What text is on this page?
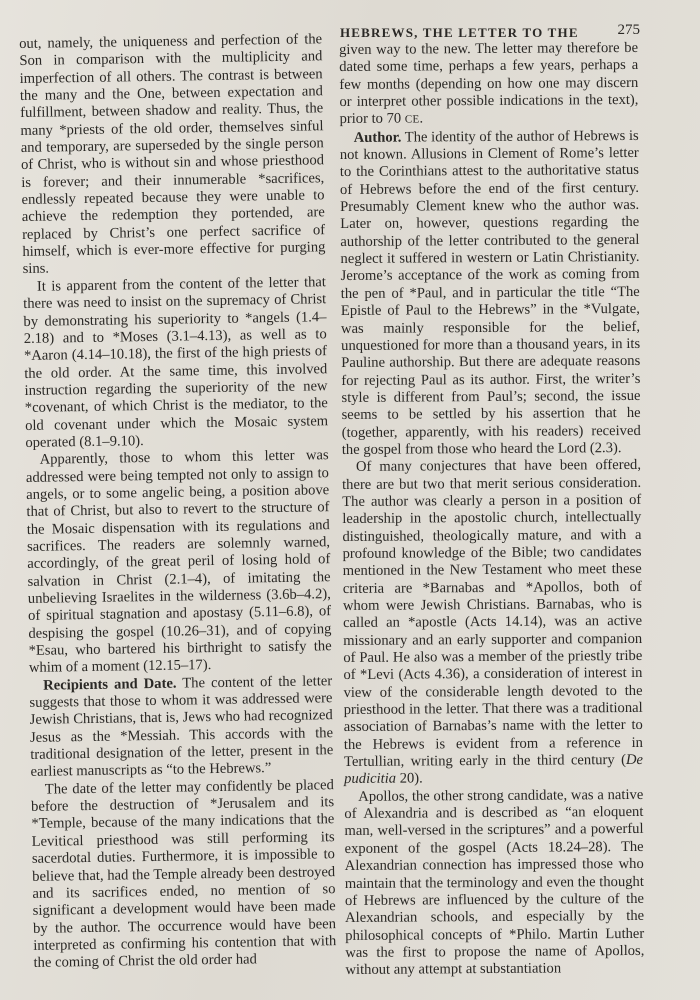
HEBREWS, THE LETTER TO THE	275

out, namely, the uniqueness and perfection of the Son in comparison with the multiplicity and imperfection of all others. The contrast is between the many and the One, between expectation and fulfillment, between shadow and reality. Thus, the many *priests of the old order, themselves sinful and temporary, are superseded by the single person of Christ, who is without sin and whose priesthood is forever; and their innumerable *sacrifices, endlessly repeated because they were unable to achieve the redemption they portended, are replaced by Christ’s one perfect sacrifice of himself, which is ever-more effective for purging sins.

It is apparent from the content of the letter that there was need to insist on the supremacy of Christ by demonstrating his superiority to *angels (1.4–2.18) and to *Moses (3.1–4.13), as well as to *Aaron (4.14–10.18), the first of the high priests of the old order. At the same time, this involved instruction regarding the superiority of the new *covenant, of which Christ is the mediator, to the old covenant under which the Mosaic system operated (8.1–9.10).

Apparently, those to whom this letter was addressed were being tempted not only to assign to angels, or to some angelic being, a position above that of Christ, but also to revert to the structure of the Mosaic dispensation with its regulations and sacrifices. The readers are solemnly warned, accordingly, of the great peril of losing hold of salvation in Christ (2.1–4), of imitating the unbelieving Israelites in the wilderness (3.6b–4.2), of spiritual stagnation and apostasy (5.11–6.8), of despising the gospel (10.26–31), and of copying *Esau, who bartered his birthright to satisfy the whim of a moment (12.15–17).

Recipients and Date. The content of the letter suggests that those to whom it was addressed were Jewish Christians, that is, Jews who had recognized Jesus as the *Messiah. This accords with the traditional designation of the letter, present in the earliest manuscripts as “to the Hebrews.”

The date of the letter may confidently be placed before the destruction of *Jerusalem and its *Temple, because of the many indications that the Levitical priesthood was still performing its sacerdotal duties. Furthermore, it is impossible to believe that, had the Temple already been destroyed and its sacrifices ended, no mention of so significant a development would have been made by the author. The occurrence would have been interpreted as confirming his contention that with the coming of Christ the old order had

given way to the new. The letter may therefore be dated some time, perhaps a few years, perhaps a few months (depending on how one may discern or interpret other possible indications in the text), prior to 70 CE.

Author. The identity of the author of Hebrews is not known. Allusions in Clement of Rome’s letter to the Corinthians attest to the authoritative status of Hebrews before the end of the first century. Presumably Clement knew who the author was. Later on, however, questions regarding the authorship of the letter contributed to the general neglect it suffered in western or Latin Christianity. Jerome’s acceptance of the work as coming from the pen of *Paul, and in particular the title “The Epistle of Paul to the Hebrews” in the *Vulgate, was mainly responsible for the belief, unquestioned for more than a thousand years, in its Pauline authorship. But there are adequate reasons for rejecting Paul as its author. First, the writer’s style is different from Paul’s; second, the issue seems to be settled by his assertion that he (together, apparently, with his readers) received the gospel from those who heard the Lord (2.3).

Of many conjectures that have been offered, there are but two that merit serious consideration. The author was clearly a person in a position of leadership in the apostolic church, intellectually distinguished, theologically mature, and with a profound knowledge of the Bible; two candidates mentioned in the New Testament who meet these criteria are *Barnabas and *Apollos, both of whom were Jewish Christians. Barnabas, who is called an *apostle (Acts 14.14), was an active missionary and an early supporter and companion of Paul. He also was a member of the priestly tribe of *Levi (Acts 4.36), a consideration of interest in view of the considerable length devoted to the priesthood in the letter. That there was a traditional association of Barnabas’s name with the letter to the Hebrews is evident from a reference in Tertullian, writing early in the third century (De pudicitia 20).

Apollos, the other strong candidate, was a native of Alexandria and is described as “an eloquent man, well-versed in the scriptures” and a powerful exponent of the gospel (Acts 18.24–28). The Alexandrian connection has impressed those who maintain that the terminology and even the thought of Hebrews are influenced by the culture of the Alexandrian schools, and especially by the philosophical concepts of *Philo. Martin Luther was the first to propose the name of Apollos, without any attempt at substantiation
